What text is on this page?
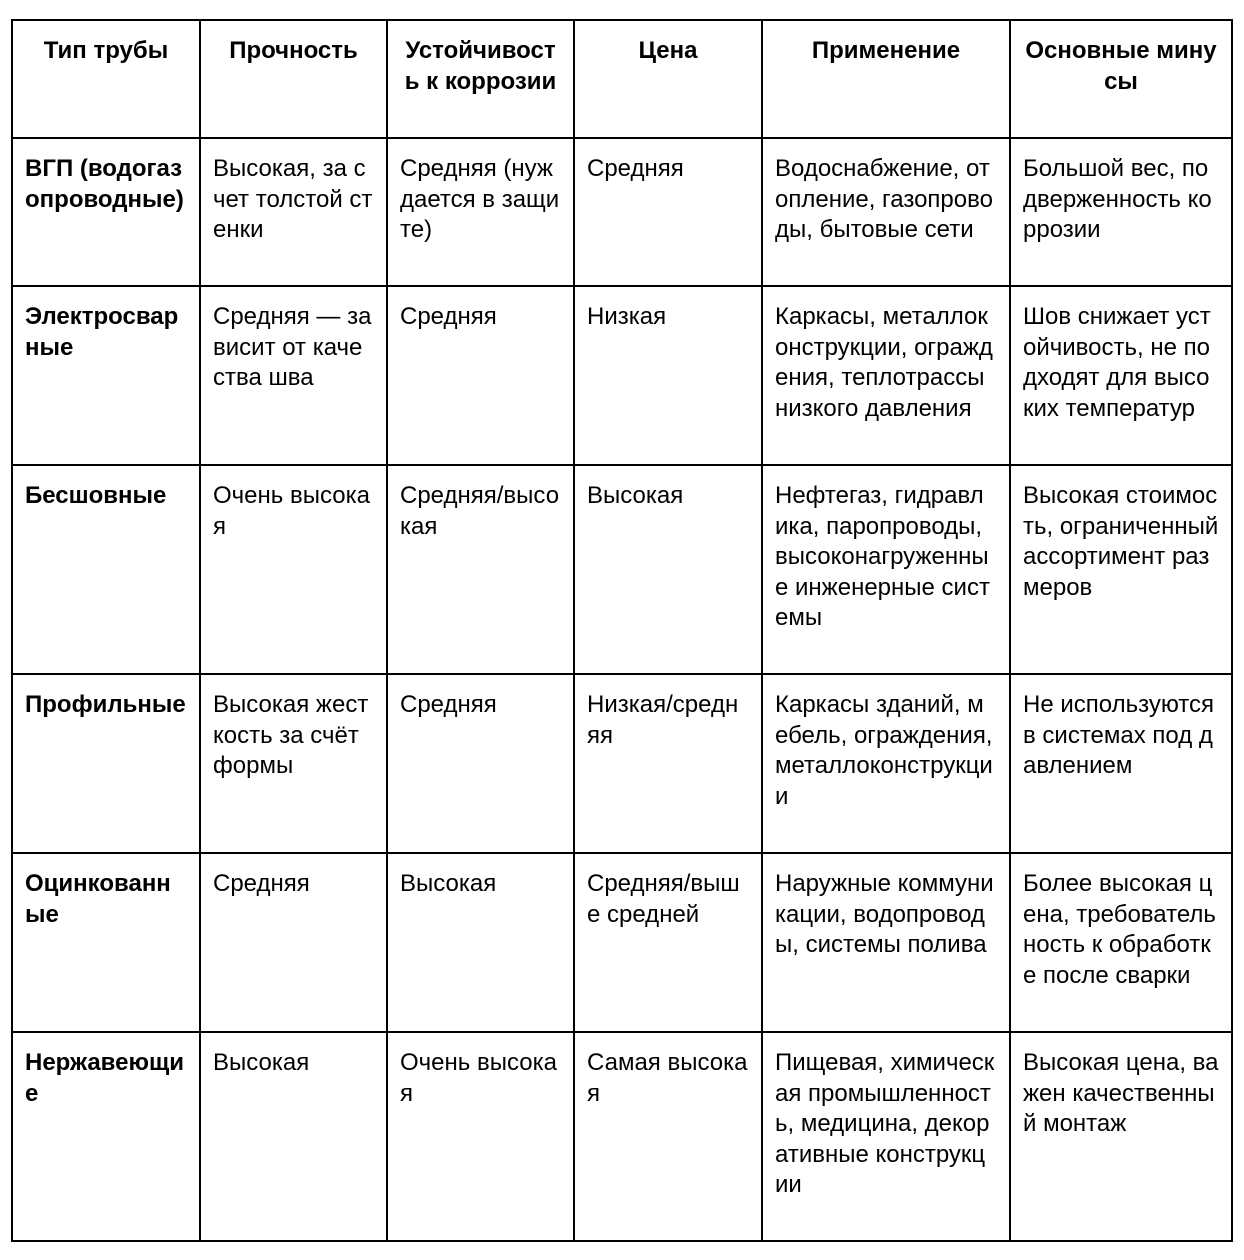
Тип трубы	Прочность	Устойчивость к коррозии	Цена	Применение	Основные минусы
ВГП (водогазопроводные)	Высокая, за счет толстой стенки	Средняя (нуждается в защите)	Средняя	Водоснабжение, отопление, газопроводы, бытовые сети	Большой вес, подверженность коррозии
Электросварные	Средняя — зависит от качества шва	Средняя	Низкая	Каркасы, металлоконструкции, ограждения, теплотрассы низкого давления	Шов снижает устойчивость, не подходят для высоких температур
Бесшовные	Очень высокая	Средняя/высокая	Высокая	Нефтегаз, гидравлика, паропроводы, высоконагруженные инженерные системы	Высокая стоимость, ограниченный ассортимент размеров
Профильные	Высокая жесткость за счёт формы	Средняя	Низкая/средняя	Каркасы зданий, мебель, ограждения, металлоконструкции	Не используются в системах под давлением
Оцинкованные	Средняя	Высокая	Средняя/выше средней	Наружные коммуникации, водопроводы, системы полива	Более высокая цена, требовательность к обработке после сварки
Нержавеющие	Высокая	Очень высокая	Самая высокая	Пищевая, химическая промышленность, медицина, декоративные конструкции	Высокая цена, важен качественный монтаж
